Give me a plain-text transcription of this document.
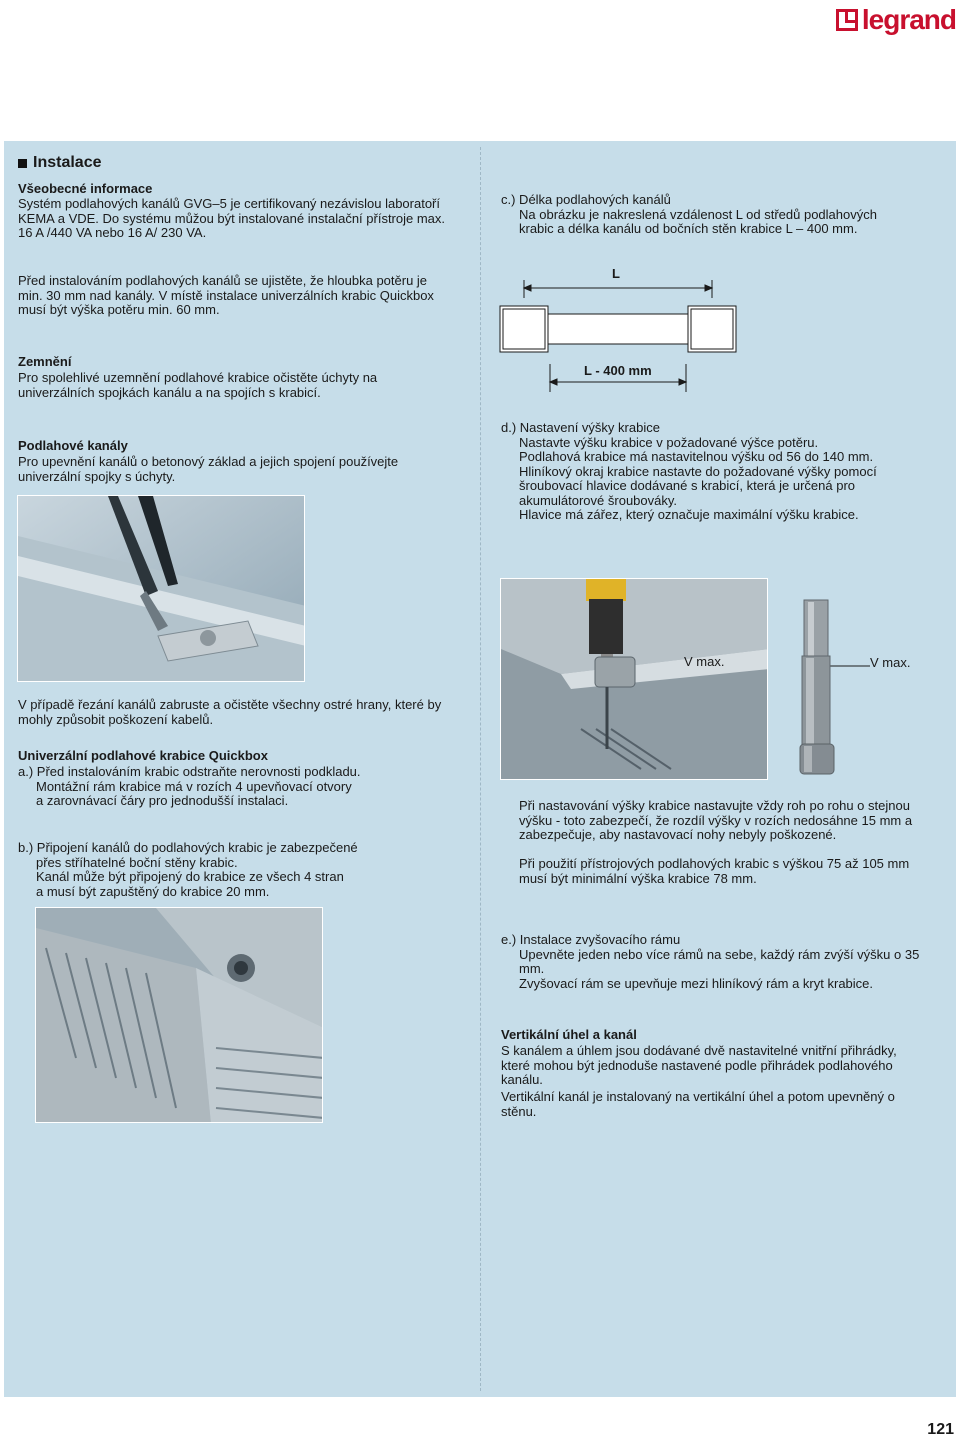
legrand
Instalace
Všeobecné informace
Systém podlahových kanálů GVG–5 je certifikovaný nezávislou laboratoří KEMA a VDE. Do systému můžou být instalované instalační přístroje max. 16 A /440 VA nebo 16 A/ 230 VA.
Před instalováním podlahových kanálů se ujistěte, že hloubka potěru je min. 30 mm nad kanály. V místě instalace univerzálních krabic Quickbox musí být výška potěru min. 60 mm.
Zemnění
Pro spolehlivé uzemnění podlahové krabice očistěte úchyty na univerzálních spojkách kanálu a na spojích s krabicí.
Podlahové kanály
Pro upevnění kanálů o betonový základ a jejich spojení používejte univerzální spojky s úchyty.
V případě řezání kanálů zabruste a očistěte všechny ostré hrany, které by mohly způsobit poškození kabelů.
Univerzální podlahové krabice Quickbox
a.) Před instalováním krabic odstraňte nerovnosti podkladu.
Montážní rám krabice má v rozích 4 upevňovací otvory
a zarovnávací čáry pro jednodušší instalaci.
b.) Připojení kanálů do podlahových krabic je zabezpečené
přes stříhatelné boční stěny krabic.
Kanál může být připojený do krabice ze všech 4 stran
a musí být zapuštěný do krabice 20 mm.
c.) Délka podlahových kanálů
Na obrázku je nakreslená vzdálenost L od středů podlahových krabic a délka kanálu od bočních stěn krabice L – 400 mm.
L
L - 400 mm
d.) Nastavení výšky krabice
Nastavte výšku krabice v požadované výšce potěru.
Podlahová krabice má nastavitelnou výšku od 56 do 140 mm.
Hliníkový okraj krabice nastavte do požadované výšky pomocí šroubovací hlavice dodávané s krabicí, která je určená pro akumulátorové šroubováky.
Hlavice má zářez, který označuje maximální výšku krabice.
V max.	V max.
Při nastavování výšky krabice nastavujte vždy roh po rohu o stejnou výšku - toto zabezpečí, že rozdíl výšky v rozích nedosáhne 15 mm a zabezpečuje, aby nastavovací nohy nebyly poškozené.
Při použití přístrojových podlahových krabic s výškou 75 až 105 mm musí být minimální výška krabice 78 mm.
e.) Instalace zvyšovacího rámu
Upevněte jeden nebo více rámů na sebe, každý rám zvýší výšku o 35 mm.
Zvyšovací rám se upevňuje mezi hliníkový rám a kryt krabice.
Vertikální úhel a kanál
S kanálem a úhlem jsou dodávané dvě nastavitelné vnitřní přihrádky, které mohou být jednoduše nastavené podle přihrádek podlahového kanálu.
Vertikální kanál je instalovaný na vertikální úhel a potom upevněný o stěnu.
121
